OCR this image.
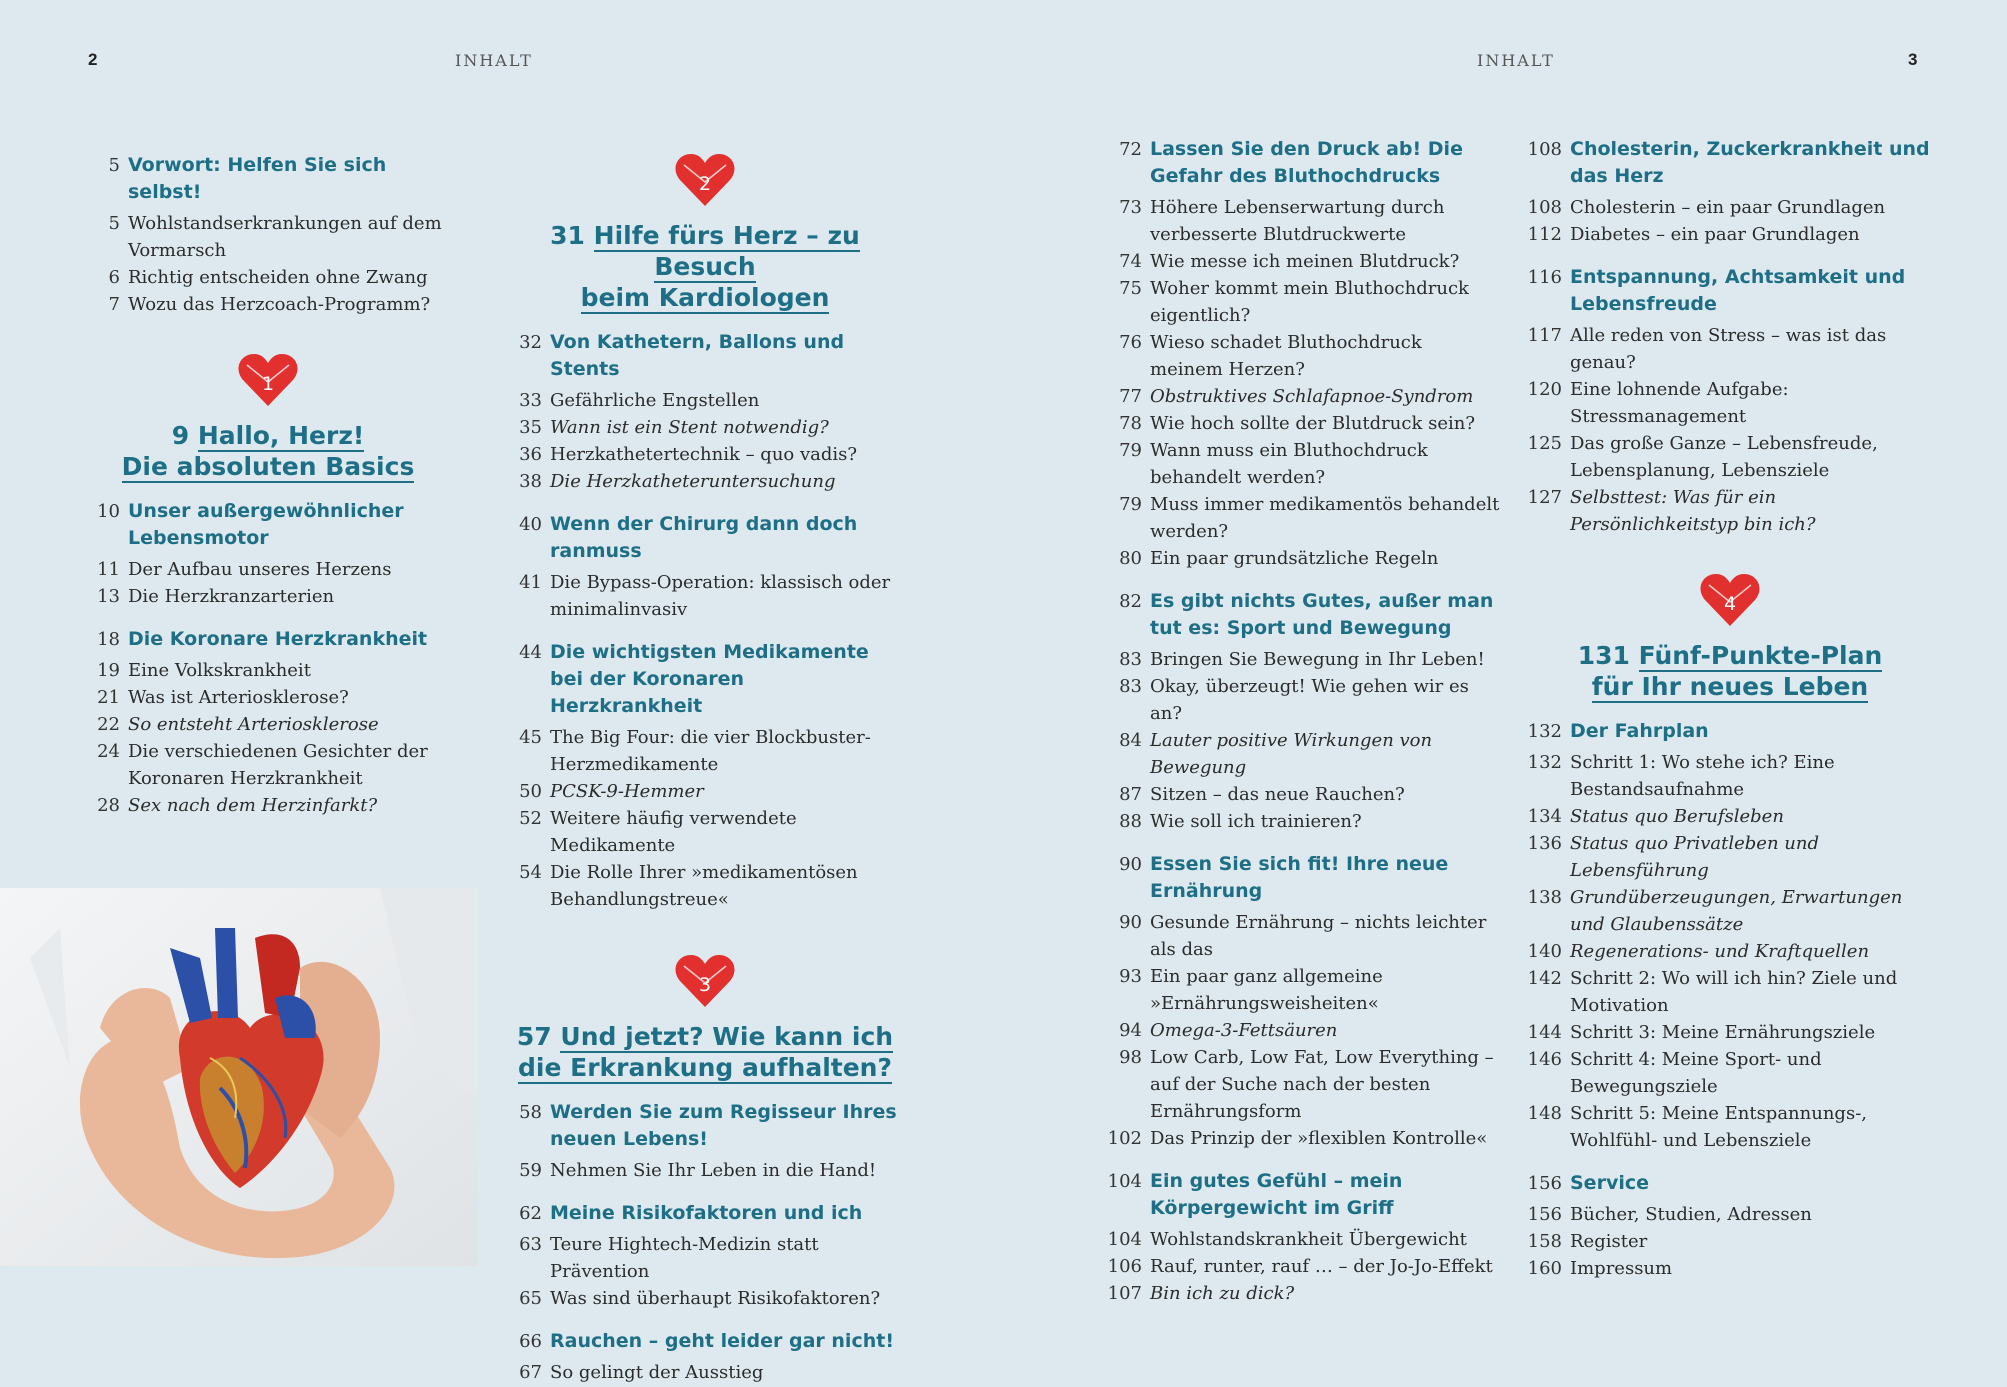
2	INHALT	INHALT	3
5 Vorwort: Helfen Sie sich selbst!
5 Wohlstandserkrankungen auf dem Vormarsch
6 Richtig entscheiden ohne Zwang
7 Wozu das Herzcoach-Programm?
1
9 Hallo, Herz!
Die absoluten Basics
10 Unser außergewöhnlicher Lebensmotor
11 Der Aufbau unseres Herzens
13 Die Herzkranzarterien
18 Die Koronare Herzkrankheit
19 Eine Volkskrankheit
21 Was ist Arteriosklerose?
22 So entsteht Arteriosklerose
24 Die verschiedenen Gesichter der Koronaren Herzkrankheit
28 Sex nach dem Herzinfarkt?
2
31 Hilfe fürs Herz – zu Besuch
beim Kardiologen
32 Von Kathetern, Ballons und Stents
33 Gefährliche Engstellen
35 Wann ist ein Stent notwendig?
36 Herzkathetertechnik – quo vadis?
38 Die Herzkatheteruntersuchung
40 Wenn der Chirurg dann doch ranmuss
41 Die Bypass-Operation: klassisch oder minimalinvasiv
44 Die wichtigsten Medikamente bei der Koronaren Herzkrankheit
45 The Big Four: die vier Blockbuster-Herzmedikamente
50 PCSK-9-Hemmer
52 Weitere häufig verwendete Medikamente
54 Die Rolle Ihrer »medikamentösen Behandlungstreue«
3
57 Und jetzt? Wie kann ich
die Erkrankung aufhalten?
58 Werden Sie zum Regisseur Ihres neuen Lebens!
59 Nehmen Sie Ihr Leben in die Hand!
62 Meine Risikofaktoren und ich
63 Teure Hightech-Medizin statt Prävention
65 Was sind überhaupt Risikofaktoren?
66 Rauchen – geht leider gar nicht!
67 So gelingt der Ausstieg
72 Lassen Sie den Druck ab! Die Gefahr des Bluthochdrucks
73 Höhere Lebenserwartung durch verbesserte Blutdruckwerte
74 Wie messe ich meinen Blutdruck?
75 Woher kommt mein Bluthochdruck eigentlich?
76 Wieso schadet Bluthochdruck meinem Herzen?
77 Obstruktives Schlafapnoe-Syndrom
78 Wie hoch sollte der Blutdruck sein?
79 Wann muss ein Bluthochdruck behandelt werden?
79 Muss immer medikamentös behandelt werden?
80 Ein paar grundsätzliche Regeln
82 Es gibt nichts Gutes, außer man tut es: Sport und Bewegung
83 Bringen Sie Bewegung in Ihr Leben!
83 Okay, überzeugt! Wie gehen wir es an?
84 Lauter positive Wirkungen von Bewegung
87 Sitzen – das neue Rauchen?
88 Wie soll ich trainieren?
90 Essen Sie sich fit! Ihre neue Ernährung
90 Gesunde Ernährung – nichts leichter als das
93 Ein paar ganz allgemeine »Ernährungsweisheiten«
94 Omega-3-Fettsäuren
98 Low Carb, Low Fat, Low Everything – auf der Suche nach der besten Ernährungsform
102 Das Prinzip der »flexiblen Kontrolle«
104 Ein gutes Gefühl – mein Körpergewicht im Griff
104 Wohlstandskrankheit Übergewicht
106 Rauf, runter, rauf … – der Jo-Jo-Effekt
107 Bin ich zu dick?
108 Cholesterin, Zuckerkrankheit und das Herz
108 Cholesterin – ein paar Grundlagen
112 Diabetes – ein paar Grundlagen
116 Entspannung, Achtsamkeit und Lebensfreude
117 Alle reden von Stress – was ist das genau?
120 Eine lohnende Aufgabe: Stressmanagement
125 Das große Ganze – Lebensfreude, Lebensplanung, Lebensziele
127 Selbsttest: Was für ein Persönlichkeitstyp bin ich?
4
131 Fünf-Punkte-Plan
für Ihr neues Leben
132 Der Fahrplan
132 Schritt 1: Wo stehe ich? Eine Bestandsaufnahme
134 Status quo Berufsleben
136 Status quo Privatleben und Lebensführung
138 Grundüberzeugungen, Erwartungen und Glaubenssätze
140 Regenerations- und Kraftquellen
142 Schritt 2: Wo will ich hin? Ziele und Motivation
144 Schritt 3: Meine Ernährungsziele
146 Schritt 4: Meine Sport- und Bewegungsziele
148 Schritt 5: Meine Entspannungs-, Wohlfühl- und Lebensziele
156 Service
156 Bücher, Studien, Adressen
158 Register
160 Impressum
